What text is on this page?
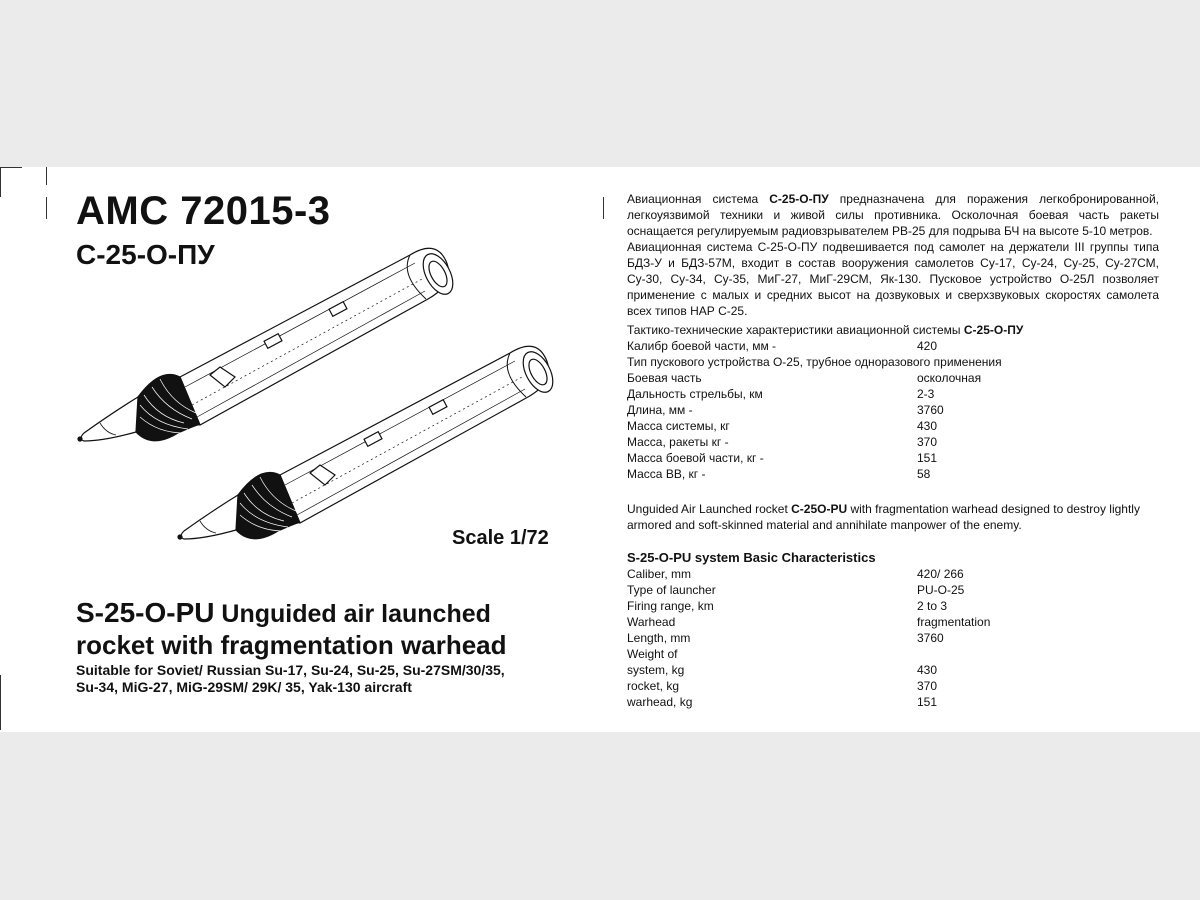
AMC 72015-3
С-25-О-ПУ
Scale 1/72
S-25-O-PU Unguided air launched
rocket with fragmentation warhead
Suitable for Soviet/ Russian Su-17, Su-24, Su-25, Su-27SM/30/35,
Su-34, MiG-27, MiG-29SM/ 29K/ 35, Yak-130 aircraft

Авиационная система С-25-О-ПУ предназначена для поражения легкобронированной, легкоуязвимой техники и живой силы противника. Осколочная боевая часть ракеты оснащается регулируемым радиовзрывателем РВ-25 для подрыва БЧ на высоте 5-10 метров.

Авиационная система С-25-О-ПУ подвешивается под самолет на держатели III группы типа БДЗ-У и БДЗ-57М, входит в состав вооружения самолетов Су-17, Су-24, Су-25, Су-27СМ, Су-30, Су-34, Су-35, МиГ-27, МиГ-29СМ, Як-130. Пусковое устройство О-25Л позволяет применение с малых и средних высот на дозвуковых и сверхзвуковых скоростях самолета всех типов НАР С-25.

Тактико-технические характеристики авиационной системы С-25-О-ПУ
Калибр боевой части, мм -	420
Тип пускового устройства О-25, трубное одноразового применения
Боевая часть	осколочная
Дальность стрельбы, км	2-3
Длина, мм -	3760
Масса системы, кг	430
Масса, ракеты кг -	370
Масса боевой части, кг -	151
Масса ВВ, кг -	58
Unguided Air Launched rocket C-25O-PU with fragmentation warhead designed to destroy lightly armored and soft-skinned material and annihilate manpower of the enemy.
S-25-O-PU system Basic Characteristics
Caliber, mm	420/ 266
Type of launcher	PU-O-25
Firing range, km	2 to 3
Warhead	fragmentation
Length, mm	3760
Weight of
system, kg	430
rocket, kg	370
warhead, kg	151
